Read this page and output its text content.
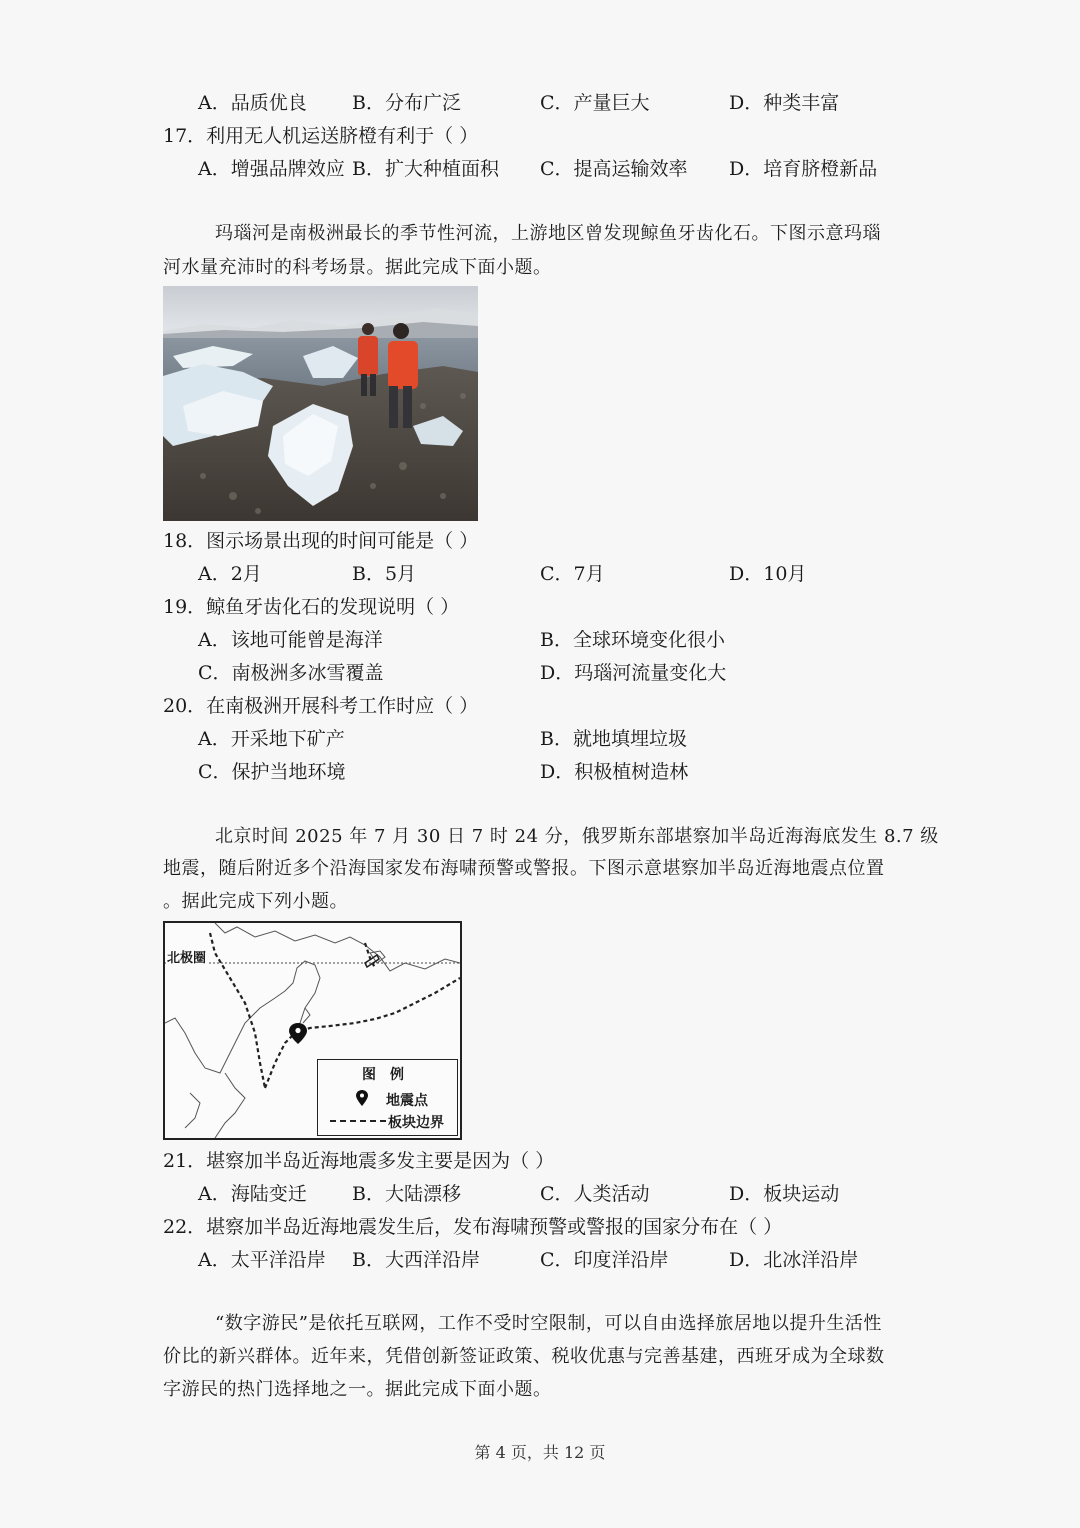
A．品质优良 B．分布广泛	C．产量巨大	D．种类丰富
17．利用无人机运送脐橙有利于（ ）
A．增强品牌效应 B．扩大种植面积 C．提高运输效率 D．培育脐橙新品
玛瑙河是南极洲最长的季节性河流，上游地区曾发现鲸鱼牙齿化石。下图示意玛瑙
河水量充沛时的科考场景。据此完成下面小题。
18．图示场景出现的时间可能是（ ）
A．2月	B．5月	C．7月	D．10月
19．鲸鱼牙齿化石的发现说明（ ）
A．该地可能曾是海洋	B．全球环境变化很小
C．南极洲多冰雪覆盖	D．玛瑙河流量变化大
20．在南极洲开展科考工作时应（ ）
A．开采地下矿产	B．就地填埋垃圾
C．保护当地环境	D．积极植树造林
北京时间 2025 年 7 月 30 日 7 时 24 分，俄罗斯东部堪察加半岛近海海底发生 8.7 级
地震，随后附近多个沿海国家发布海啸预警或警报。下图示意堪察加半岛近海地震点位置
。据此完成下列小题。
北极圈
图　例
地震点
板块边界
21．堪察加半岛近海地震多发主要是因为（ ）
A．海陆变迁 B．大陆漂移	C．人类活动	D．板块运动
22．堪察加半岛近海地震发生后，发布海啸预警或警报的国家分布在（ ）
A．太平洋沿岸 B．大西洋沿岸	C．印度洋沿岸	D．北冰洋沿岸
“数字游民”是依托互联网，工作不受时空限制，可以自由选择旅居地以提升生活性
价比的新兴群体。近年来，凭借创新签证政策、税收优惠与完善基建，西班牙成为全球数
字游民的热门选择地之一。据此完成下面小题。
第 4 页，共 12 页
